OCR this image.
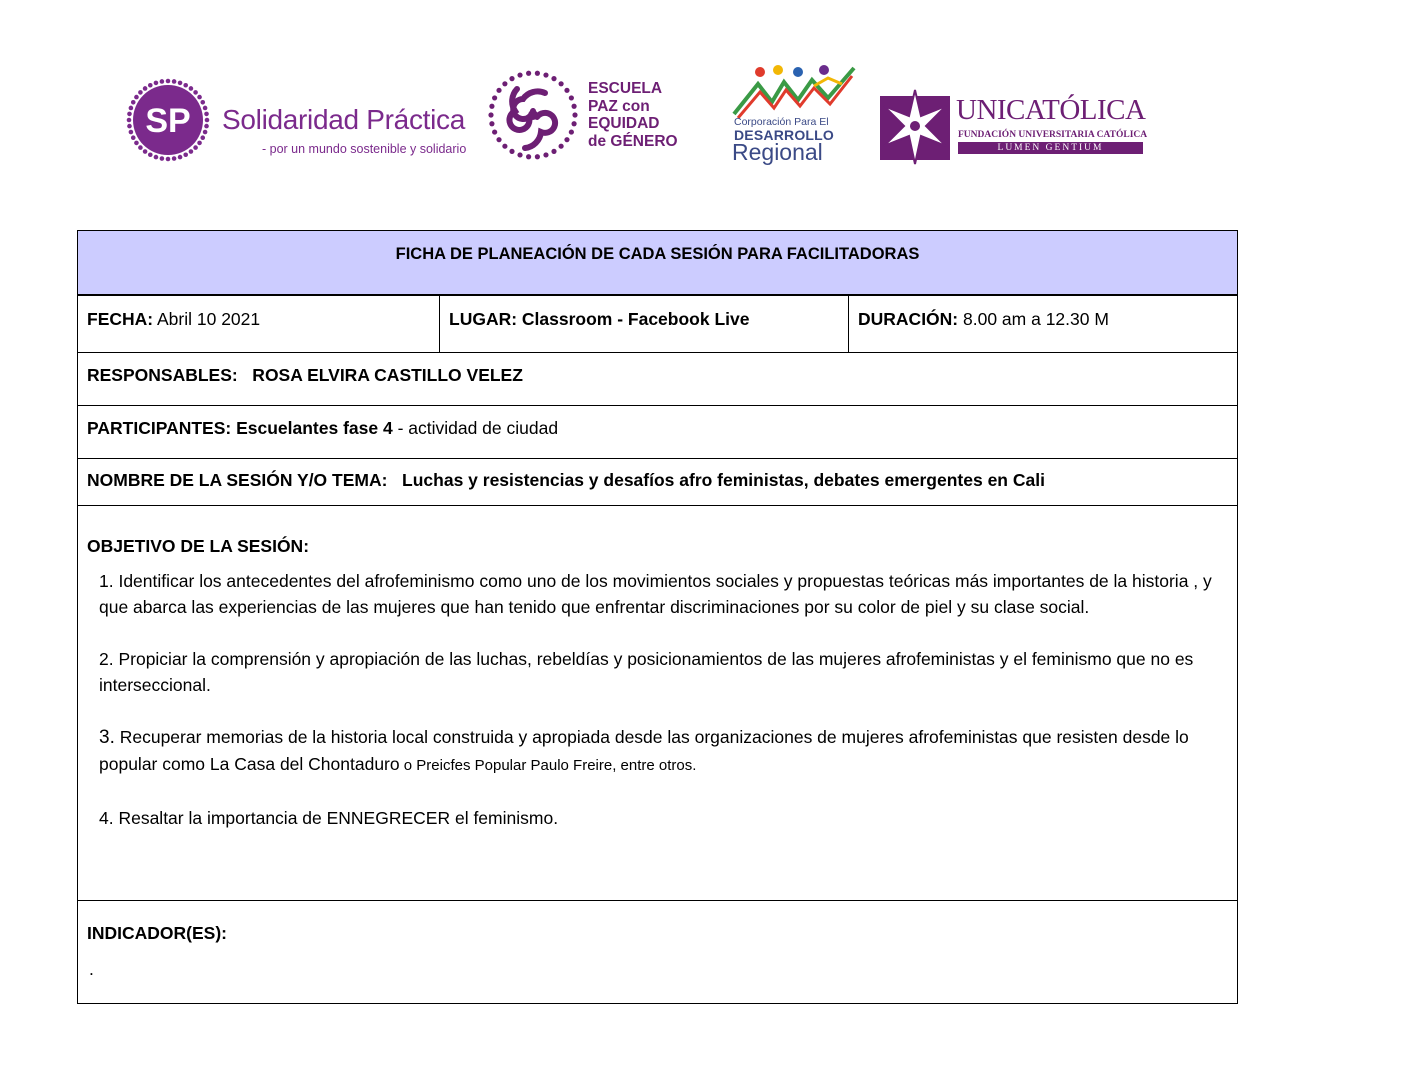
SP Solidaridad Práctica
- por un mundo sostenible y solidario
ESCUELA
PAZ con
EQUIDAD
de GÉNERO
Corporación Para El
DESARROLLO
Regional
UNICATÓLICA
FUNDACIÓN UNIVERSITARIA CATÓLICA
LUMEN GENTIUM
FICHA DE PLANEACIÓN DE CADA SESIÓN PARA FACILITADORAS
FECHA: Abril 10 2021	LUGAR: Classroom - Facebook Live	DURACIÓN: 8.00 am a 12.30 M
RESPONSABLES:   ROSA ELVIRA CASTILLO VELEZ
PARTICIPANTES: Escuelantes fase 4 - actividad de ciudad
NOMBRE DE LA SESIÓN Y/O TEMA:   Luchas y resistencias y desafíos afro feministas, debates emergentes en Cali
OBJETIVO DE LA SESIÓN:
1. Identificar los antecedentes del afrofeminismo como uno de los movimientos sociales y propuestas teóricas más importantes de la historia , y que abarca las experiencias de las mujeres que han tenido que enfrentar discriminaciones por su color de piel y su clase social.
2. Propiciar la comprensión y apropiación de las luchas, rebeldías y posicionamientos de las mujeres afrofeministas y el feminismo que no es interseccional.
3. Recuperar memorias de la historia local construida y apropiada desde las organizaciones de mujeres afrofeministas que resisten desde lo popular como La Casa del Chontaduro o Preicfes Popular Paulo Freire, entre otros.
4. Resaltar la importancia de ENNEGRECER el feminismo.
INDICADOR(ES):
.
